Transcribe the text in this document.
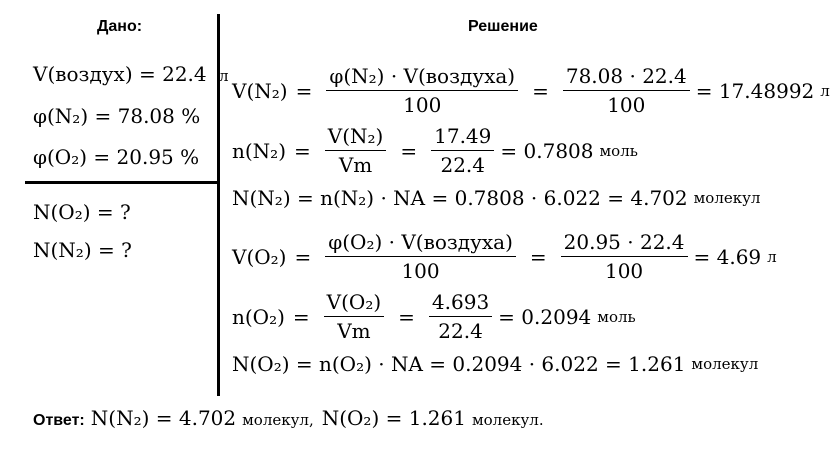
Дано:	Решение
V(воздух) = 22.4 л
φ(N₂) = 78.08 %
φ(O₂) = 20.95 %
N(O₂) = ?
N(N₂) = ?
$V(N_2) = \frac{\text{φ(N₂) · V(воздуха)}}{100} = \frac{78.08 \cdot 22.4}{100} = 17.48992$ л
$n(N_2) = \frac{\text{V(N₂)}}{Vm} = \frac{17.49}{22.4} = 0.7808$ моль
N(N₂) = n(N₂) · NA = 0.7808 · 6.022 = 4.702 молекул
$V(O_2) = \frac{\text{φ(O₂) · V(воздуха)}}{100} = \frac{20.95 \cdot 22.4}{100} = 4.69$ л
$n(O_2) = \frac{\text{V(O₂)}}{Vm} = \frac{4.693}{22.4} = 0.2094$ моль
N(O₂) = n(O₂) · NA = 0.2094 · 6.022 = 1.261 молекул
Ответ: N(N₂) = 4.702 молекул, N(O₂) = 1.261 молекул.
